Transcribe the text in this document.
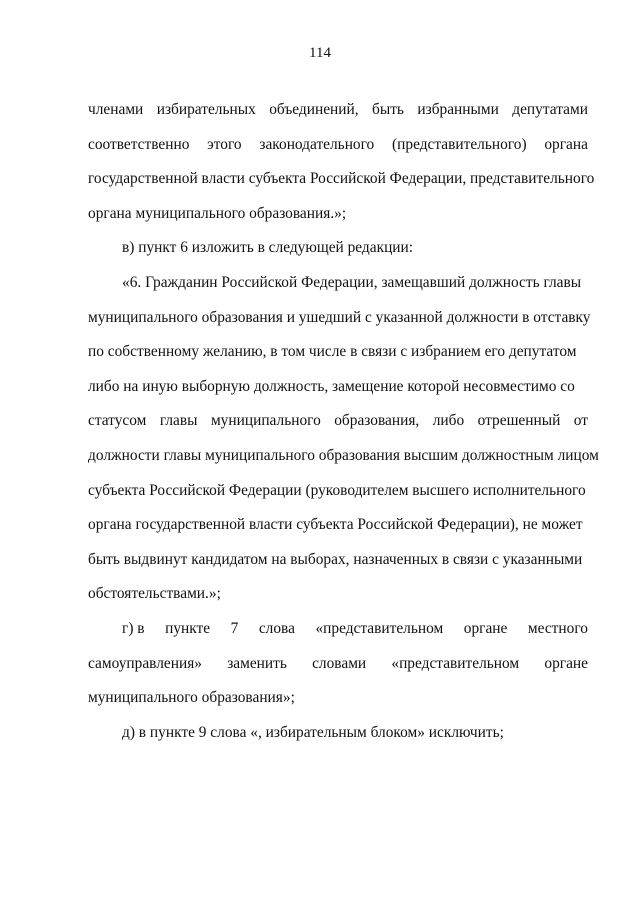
114
членами избирательных объединений, быть избранными депутатами
соответственно этого законодательного (представительного) органа
государственной власти субъекта Российской Федерации, представительного
органа муниципального образования.»;
в) пункт 6 изложить в следующей редакции:
«6. Гражданин Российской Федерации, замещавший должность главы
муниципального образования и ушедший с указанной должности в отставку
по собственному желанию, в том числе в связи с избранием его депутатом
либо на иную выборную должность, замещение которой несовместимо со
статусом главы муниципального образования, либо отрешенный от
должности главы муниципального образования высшим должностным лицом
субъекта Российской Федерации (руководителем высшего исполнительного
органа государственной власти субъекта Российской Федерации), не может
быть выдвинут кандидатом на выборах, назначенных в связи с указанными
обстоятельствами.»;
г) в пункте 7 слова «представительном органе местного
самоуправления» заменить словами «представительном органе
муниципального образования»;
д) в пункте 9 слова «, избирательным блоком» исключить;
